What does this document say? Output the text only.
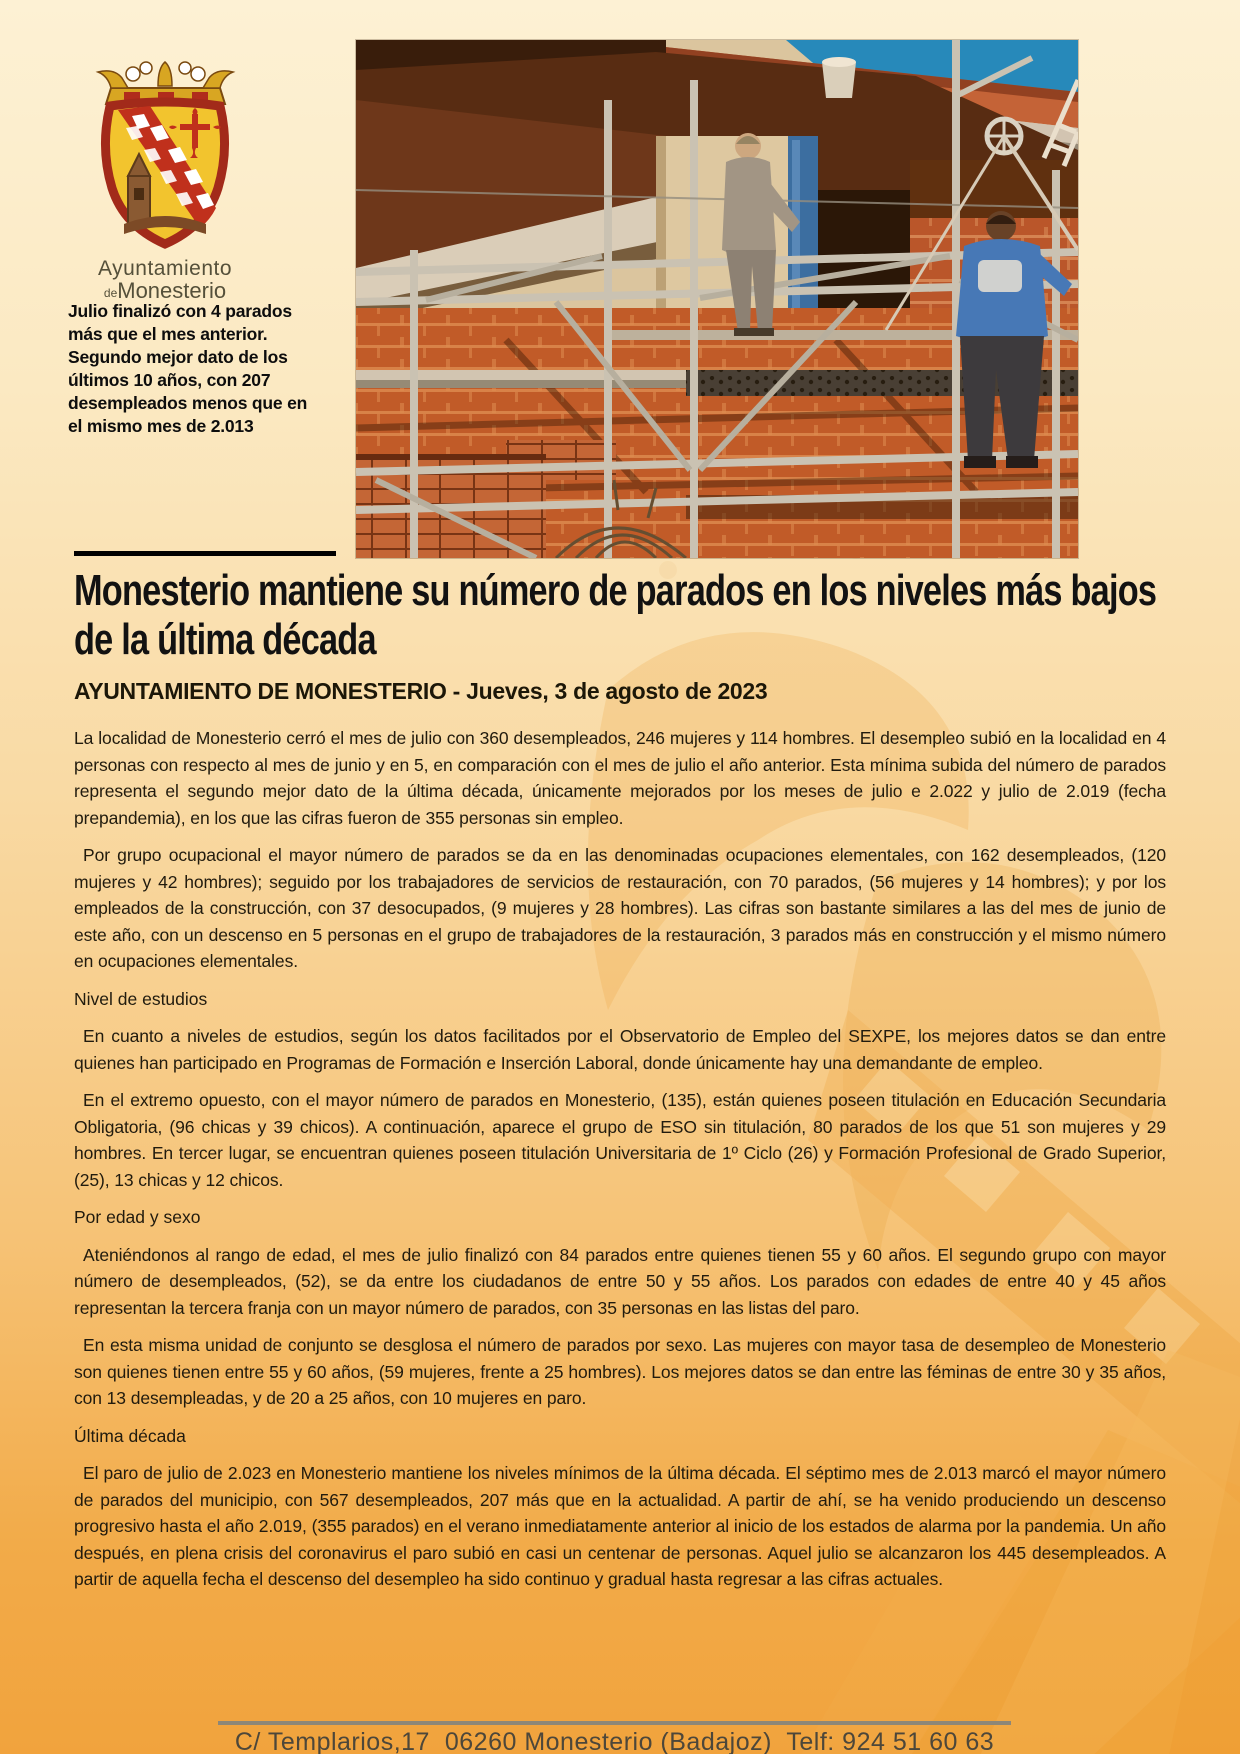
Ayuntamiento
deMonesterio
Julio finalizó con 4 parados más que el mes anterior. Segundo mejor dato de los últimos 10 años, con 207 desempleados menos que en el mismo mes de 2.013
Monesterio mantiene su número de parados en los niveles más bajos de la última década
AYUNTAMIENTO DE MONESTERIO - Jueves, 3 de agosto de 2023

La localidad de Monesterio cerró el mes de julio con 360 desempleados, 246 mujeres y 114 hombres. El desempleo subió en la localidad en 4 personas con respecto al mes de junio y en 5, en comparación con el mes de julio el año anterior. Esta mínima subida del número de parados representa el segundo mejor dato de la última década, únicamente mejorados por los meses de julio e 2.022 y julio de 2.019 (fecha prepandemia), en los que las cifras fueron de 355 personas sin empleo.

Por grupo ocupacional el mayor número de parados se da en las denominadas ocupaciones elementales, con 162 desempleados, (120 mujeres y 42 hombres); seguido por los trabajadores de servicios de restauración, con 70 parados, (56 mujeres y 14 hombres); y por los empleados de la construcción, con 37 desocupados, (9 mujeres y 28 hombres). Las cifras son bastante similares a las del mes de junio de este año, con un descenso en 5 personas en el grupo de trabajadores de la restauración, 3 parados más en construcción y el mismo número en ocupaciones elementales.

Nivel de estudios

En cuanto a niveles de estudios, según los datos facilitados por el Observatorio de Empleo del SEXPE, los mejores datos se dan entre quienes han participado en Programas de Formación e Inserción Laboral, donde únicamente hay una demandante de empleo.

En el extremo opuesto, con el mayor número de parados en Monesterio, (135), están quienes poseen titulación en Educación Secundaria Obligatoria, (96 chicas y 39 chicos). A continuación, aparece el grupo de ESO sin titulación, 80 parados de los que 51 son mujeres y 29 hombres. En tercer lugar, se encuentran quienes poseen titulación Universitaria de 1º Ciclo (26) y Formación Profesional de Grado Superior, (25), 13 chicas y 12 chicos.

Por edad y sexo

Ateniéndonos al rango de edad, el mes de julio finalizó con 84 parados entre quienes tienen 55 y 60 años. El segundo grupo con mayor número de desempleados, (52), se da entre los ciudadanos de entre 50 y 55 años. Los parados con edades de entre 40 y 45 años representan la tercera franja con un mayor número de parados, con 35 personas en las listas del paro.

En esta misma unidad de conjunto se desglosa el número de parados por sexo. Las mujeres con mayor tasa de desempleo de Monesterio son quienes tienen entre 55 y 60 años, (59 mujeres, frente a 25 hombres). Los mejores datos se dan entre las féminas de entre 30 y 35 años, con 13 desempleadas, y de 20 a 25 años, con 10 mujeres en paro.

Última década

El paro de julio de 2.023 en Monesterio mantiene los niveles mínimos de la última década. El séptimo mes de 2.013 marcó el mayor número de parados del municipio, con 567 desempleados, 207 más que en la actualidad. A partir de ahí, se ha venido produciendo un descenso progresivo hasta el año 2.019, (355 parados) en el verano inmediatamente anterior al inicio de los estados de alarma por la pandemia. Un año después, en plena crisis del coronavirus el paro subió en casi un centenar de personas. Aquel julio se alcanzaron los 445 desempleados. A partir de aquella fecha el descenso del desempleo ha sido continuo y gradual hasta regresar a las cifras actuales.

C/ Templarios,17  06260 Monesterio (Badajoz)  Telf: 924 51 60 63
